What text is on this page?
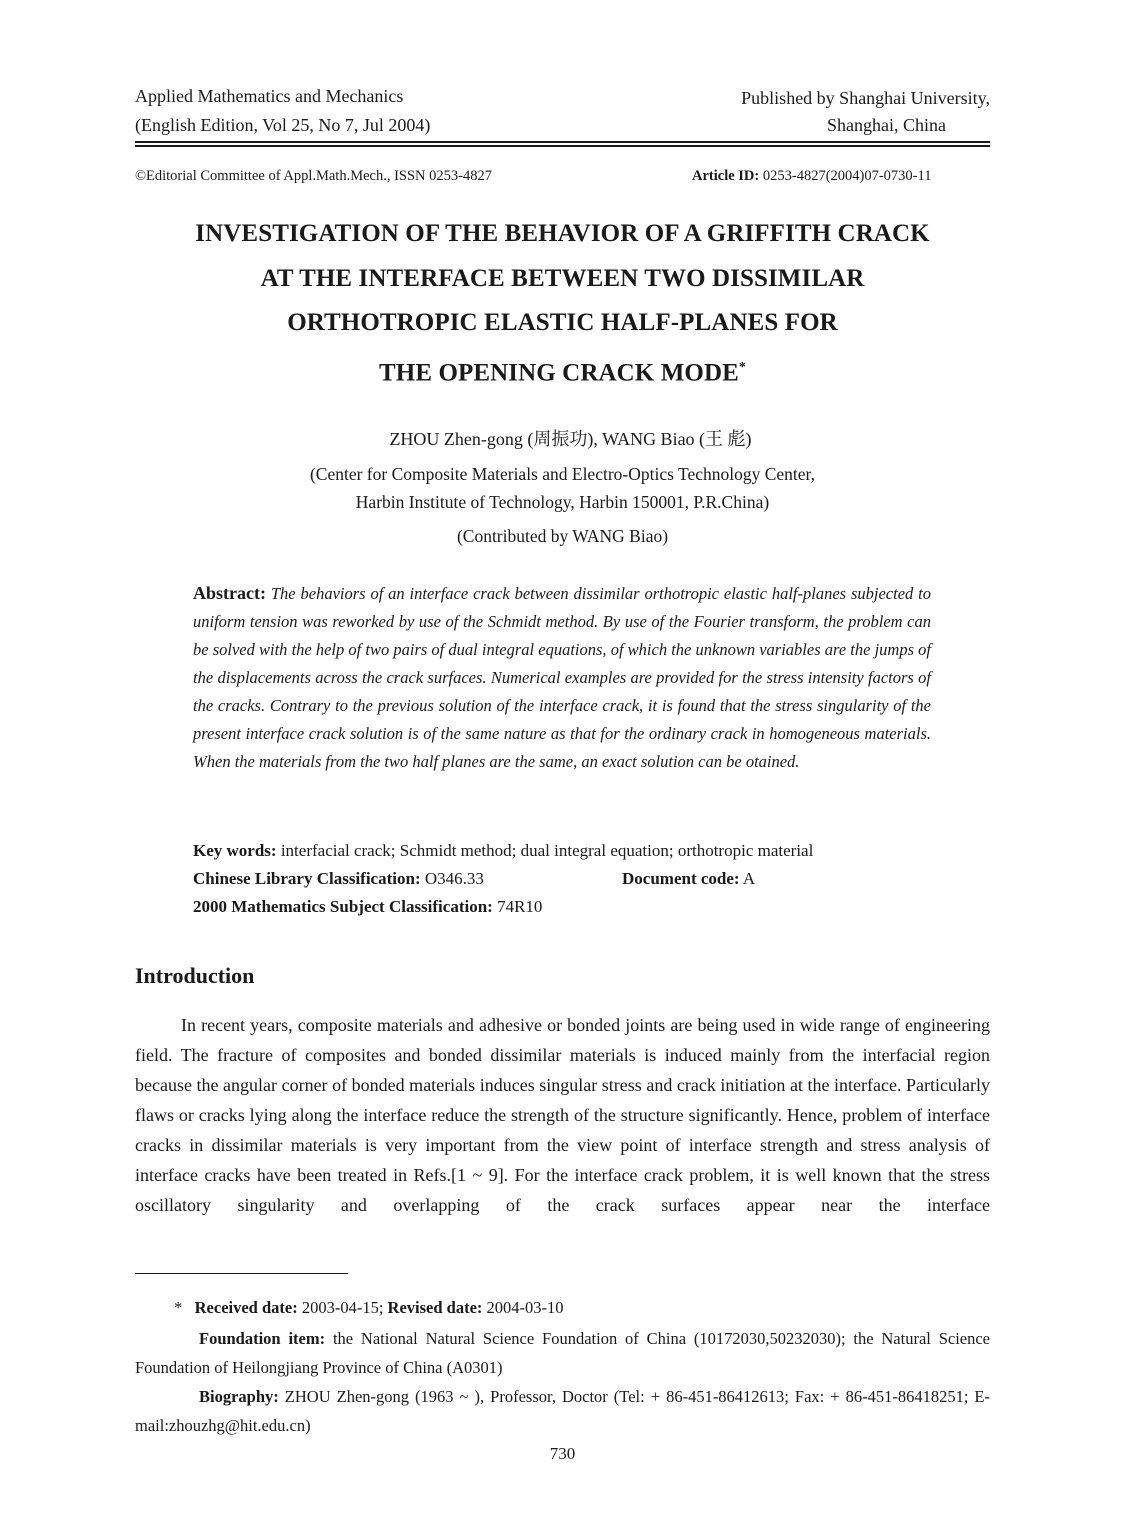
Applied Mathematics and Mechanics
(English Edition, Vol 25, No 7, Jul 2004)
Published by Shanghai University,
Shanghai, China
©Editorial Committee of Appl.Math.Mech., ISSN 0253-4827	Article ID: 0253-4827(2004)07-0730-11
INVESTIGATION OF THE BEHAVIOR OF A GRIFFITH CRACK
AT THE INTERFACE BETWEEN TWO DISSIMILAR
ORTHOTROPIC ELASTIC HALF-PLANES FOR
THE OPENING CRACK MODE*
ZHOU Zhen-gong (周振功), WANG Biao (王 彪)
(Center for Composite Materials and Electro-Optics Technology Center,
Harbin Institute of Technology, Harbin 150001, P.R.China)
(Contributed by WANG Biao)
Abstract: The behaviors of an interface crack between dissimilar orthotropic elastic half-planes subjected to uniform tension was reworked by use of the Schmidt method. By use of the Fourier transform, the problem can be solved with the help of two pairs of dual integral equations, of which the unknown variables are the jumps of the displacements across the crack surfaces. Numerical examples are provided for the stress intensity factors of the cracks. Contrary to the previous solution of the interface crack, it is found that the stress singularity of the present interface crack solution is of the same nature as that for the ordinary crack in homogeneous materials. When the materials from the two half planes are the same, an exact solution can be otained.
Key words: interfacial crack; Schmidt method; dual integral equation; orthotropic material
Chinese Library Classification: O346.33	Document code: A
2000 Mathematics Subject Classification: 74R10
Introduction

In recent years, composite materials and adhesive or bonded joints are being used in wide range of engineering field. The fracture of composites and bonded dissimilar materials is induced mainly from the interfacial region because the angular corner of bonded materials induces singular stress and crack initiation at the interface. Particularly flaws or cracks lying along the interface reduce the strength of the structure significantly. Hence, problem of interface cracks in dissimilar materials is very important from the view point of interface strength and stress analysis of interface cracks have been treated in Refs.[1 ~ 9]. For the interface crack problem, it is well known that the stress oscillatory singularity and overlapping of the crack surfaces appear near the interface

* Received date: 2003-04-15; Revised date: 2004-03-10

Foundation item: the National Natural Science Foundation of China (10172030,50232030); the Natural Science Foundation of Heilongjiang Province of China (A0301)

Biography: ZHOU Zhen-gong (1963 ~ ), Professor, Doctor (Tel: + 86-451-86412613; Fax: + 86-451-86418251; E-mail:zhouzhg@hit.edu.cn)

730
